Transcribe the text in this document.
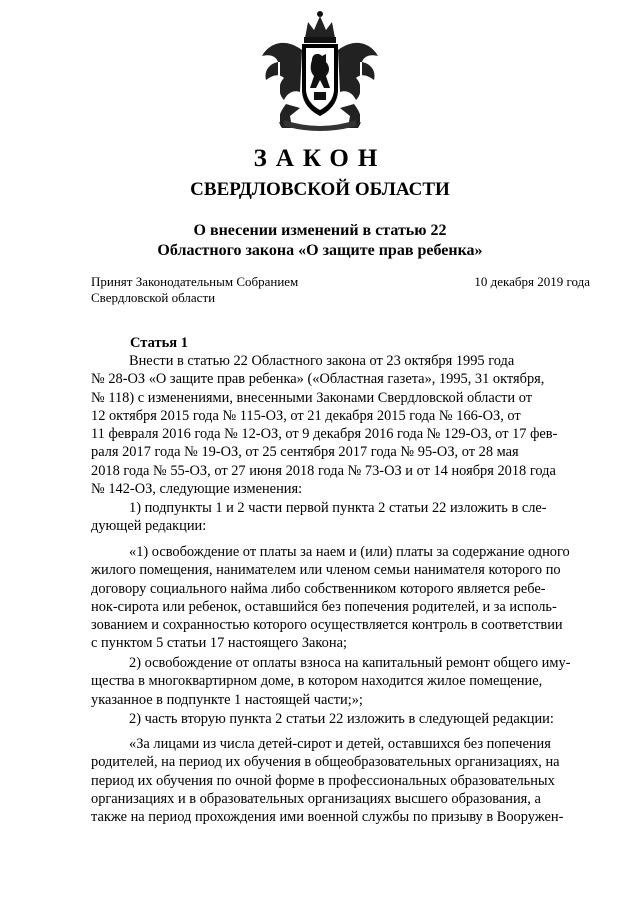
ЗАКОН
СВЕРДЛОВСКОЙ ОБЛАСТИ
О внесении изменений в статью 22
Областного закона «О защите прав ребенка»
Принят Законодательным Собранием
Свердловской области
10 декабря 2019 года
Статья 1

Внести в статью 22 Областного закона от 23 октября 1995 года
№ 28-ОЗ «О защите прав ребенка» («Областная газета», 1995, 31 октября,
№ 118) с изменениями, внесенными Законами Свердловской области от
12 октября 2015 года № 115-ОЗ, от 21 декабря 2015 года № 166-ОЗ, от
11 февраля 2016 года № 12-ОЗ, от 9 декабря 2016 года № 129-ОЗ, от 17 фев-
раля 2017 года № 19-ОЗ, от 25 сентября 2017 года № 95-ОЗ, от 28 мая
2018 года № 55-ОЗ, от 27 июня 2018 года № 73-ОЗ и от 14 ноября 2018 года
№ 142-ОЗ, следующие изменения:

1) подпункты 1 и 2 части первой пункта 2 статьи 22 изложить в сле-
дующей редакции:

«1) освобождение от платы за наем и (или) платы за содержание одного
жилого помещения, нанимателем или членом семьи нанимателя которого по
договору социального найма либо собственником которого является ребе-
нок-сирота или ребенок, оставшийся без попечения родителей, и за исполь-
зованием и сохранностью которого осуществляется контроль в соответствии
с пунктом 5 статьи 17 настоящего Закона;

2) освобождение от оплаты взноса на капитальный ремонт общего иму-
щества в многоквартирном доме, в котором находится жилое помещение,
указанное в подпункте 1 настоящей части;»;

2) часть вторую пункта 2 статьи 22 изложить в следующей редакции:

«За лицами из числа детей-сирот и детей, оставшихся без попечения
родителей, на период их обучения в общеобразовательных организациях, на
период их обучения по очной форме в профессиональных образовательных
организациях и в образовательных организациях высшего образования, а
также на период прохождения ими военной службы по призыву в Вооружен-
